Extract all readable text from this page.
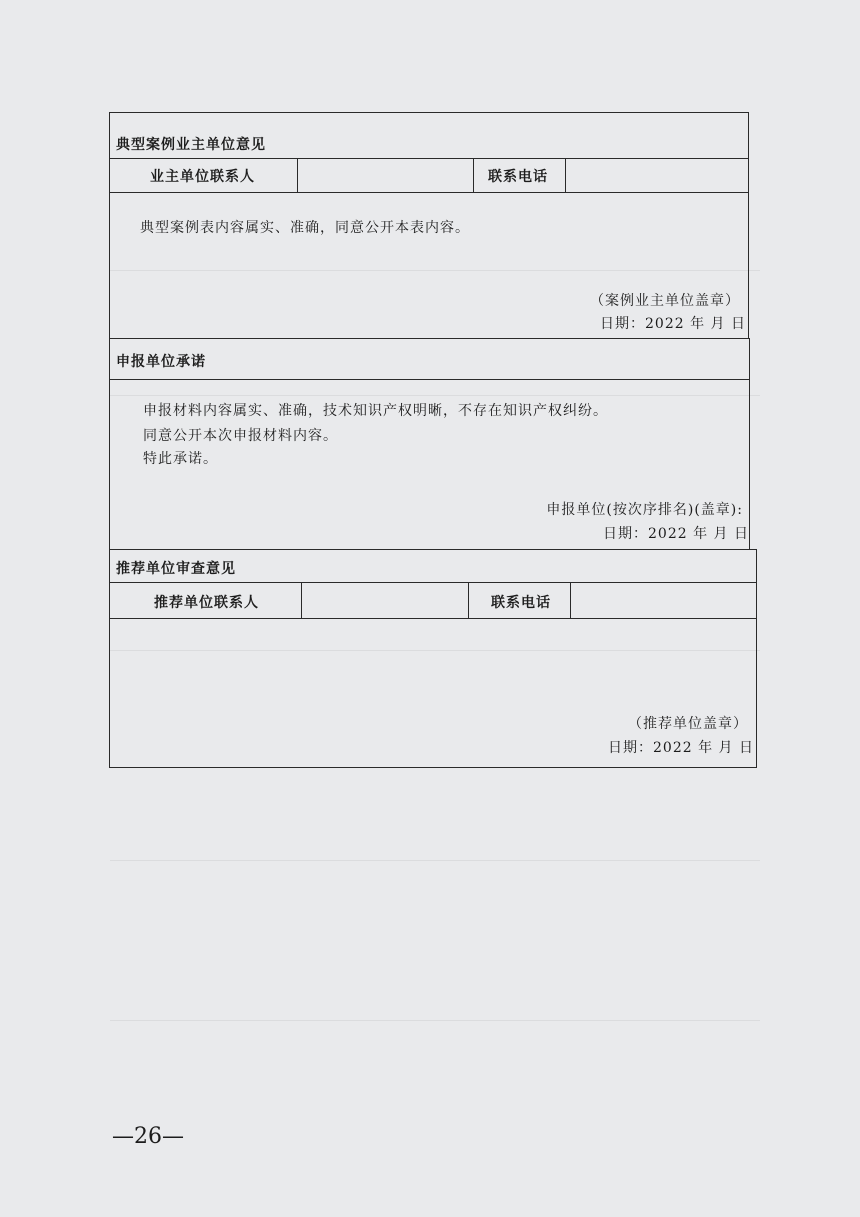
典型案例业主单位意见
业主单位联系人	联系电话
典型案例表内容属实、准确，同意公开本表内容。
（案例业主单位盖章）
日期：2022 年 月 日
申报单位承诺
申报材料内容属实、准确，技术知识产权明晰，不存在知识产权纠纷。
同意公开本次申报材料内容。
特此承诺。
申报单位(按次序排名)(盖章):
日期：2022 年 月 日
推荐单位审查意见
推荐单位联系人	联系电话
（推荐单位盖章）
日期：2022 年 月 日
—26—
